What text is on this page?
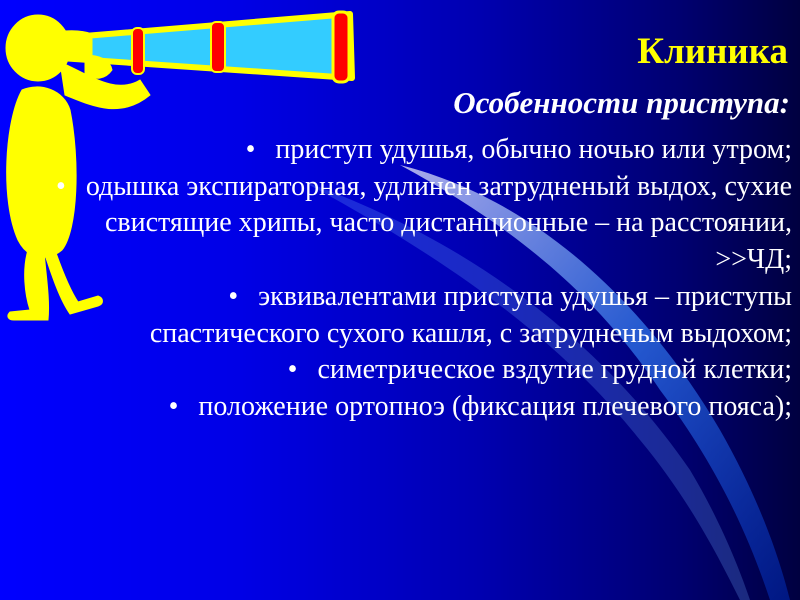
Клиника
Особенности приступа:
• приступ удушья, обычно ночью или утром;
• одышка экспираторная, удлинен затрудненый выдох, сухие свистящие хрипы, часто дистанционные – на расстоянии, >>ЧД;
• эквивалентами приступа удушья – приступы спастического сухого кашля, с затрудненым выдохом;
• симетрическое вздутие грудной клетки;
• положение ортопноэ (фиксация плечевого пояса);
